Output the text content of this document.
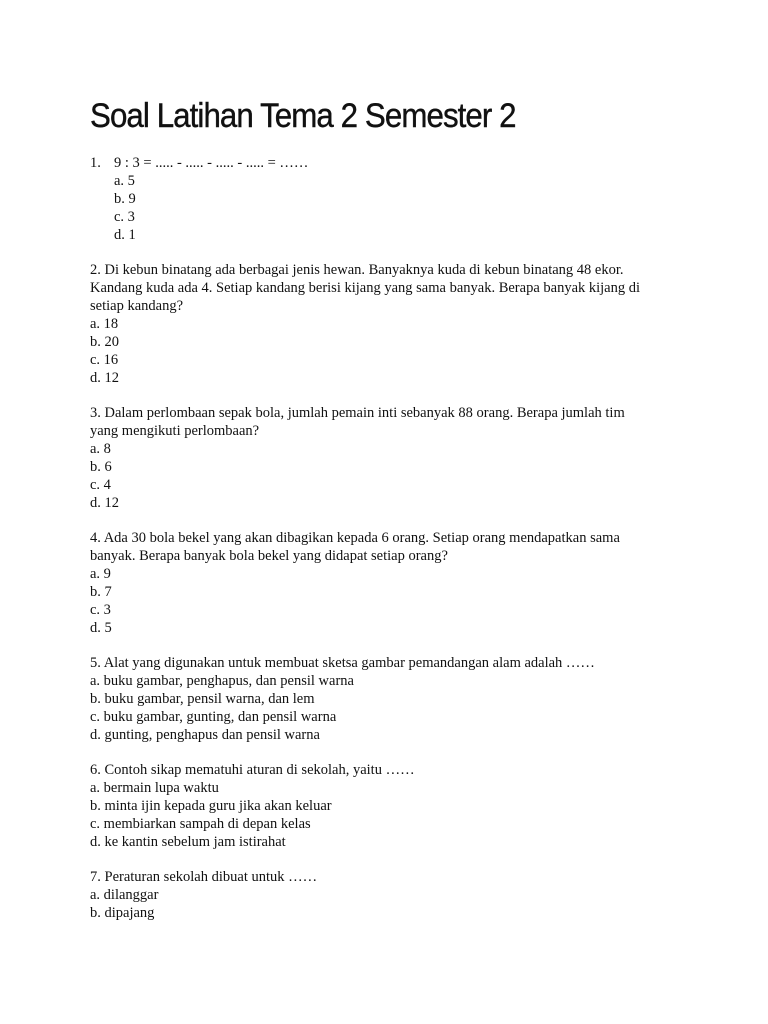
Soal Latihan Tema 2 Semester 2
1. 9 : 3 = ..... - ..... - ..... - ..... = ……
a. 5
b. 9
c. 3
d. 1
2. Di kebun binatang ada berbagai jenis hewan. Banyaknya kuda di kebun binatang 48 ekor.
Kandang kuda ada 4. Setiap kandang berisi kijang yang sama banyak. Berapa banyak kijang di
setiap kandang?
a. 18
b. 20
c. 16
d. 12
3. Dalam perlombaan sepak bola, jumlah pemain inti sebanyak 88 orang. Berapa jumlah tim
yang mengikuti perlombaan?
a. 8
b. 6
c. 4
d. 12
4. Ada 30 bola bekel yang akan dibagikan kepada 6 orang. Setiap orang mendapatkan sama
banyak. Berapa banyak bola bekel yang didapat setiap orang?
a. 9
b. 7
c. 3
d. 5
5. Alat yang digunakan untuk membuat sketsa gambar pemandangan alam adalah ……
a. buku gambar, penghapus, dan pensil warna
b. buku gambar, pensil warna, dan lem
c. buku gambar, gunting, dan pensil warna
d. gunting, penghapus dan pensil warna
6. Contoh sikap mematuhi aturan di sekolah, yaitu ……
a. bermain lupa waktu
b. minta ijin kepada guru jika akan keluar
c. membiarkan sampah di depan kelas
d. ke kantin sebelum jam istirahat
7. Peraturan sekolah dibuat untuk ……
a. dilanggar
b. dipajang
